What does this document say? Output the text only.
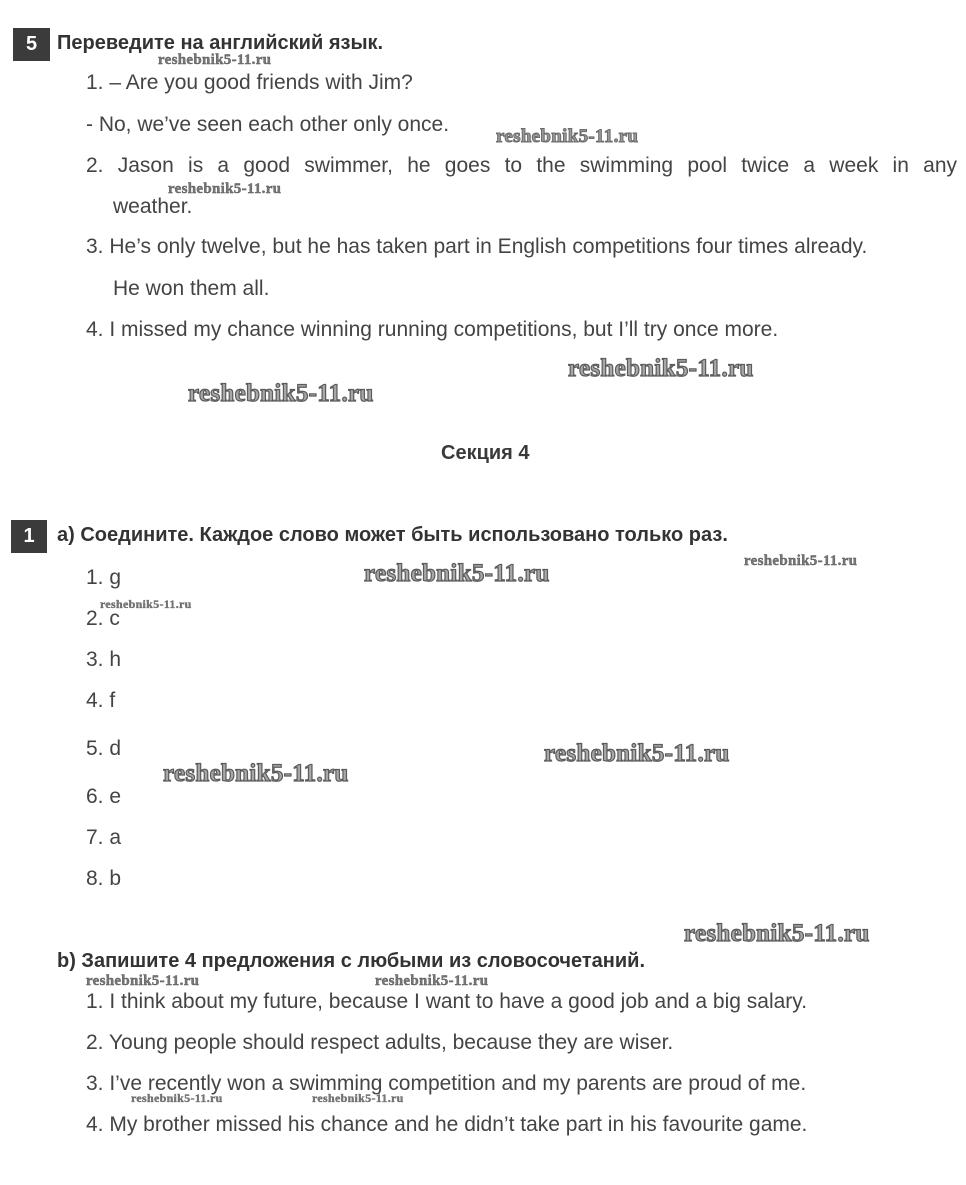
5 Переведите на английский язык.
1. – Are you good friends with Jim?
- No, we’ve seen each other only once.
2. Jason is a good swimmer, he goes to the swimming pool twice a week in any
weather.
3. He’s only twelve, but he has taken part in English competitions four times already.
He won them all.
4. I missed my chance winning running competitions, but I’ll try once more.
Секция 4
1	a) Соедините. Каждое слово может быть использовано только раз.
1. g
2. c
3. h
4. f
5. d
6. e
7. a
8. b
b) Запишите 4 предложения с любыми из словосочетаний.
1. I think about my future, because I want to have a good job and a big salary.
2. Young people should respect adults, because they are wiser.
3. I’ve recently won a swimming competition and my parents are proud of me.
4. My brother missed his chance and he didn’t take part in his favourite game.
reshebnik5-11.ru
reshebnik5-11.ru
reshebnik5-11.ru
reshebnik5-11.ru
reshebnik5-11.ru
reshebnik5-11.ru
reshebnik5-11.ru
reshebnik5-11.ru
reshebnik5-11.ru
reshebnik5-11.ru
reshebnik5-11.ru
reshebnik5-11.ru	reshebnik5-11.ru
reshebnik5-11.ru	reshebnik5-11.ru
